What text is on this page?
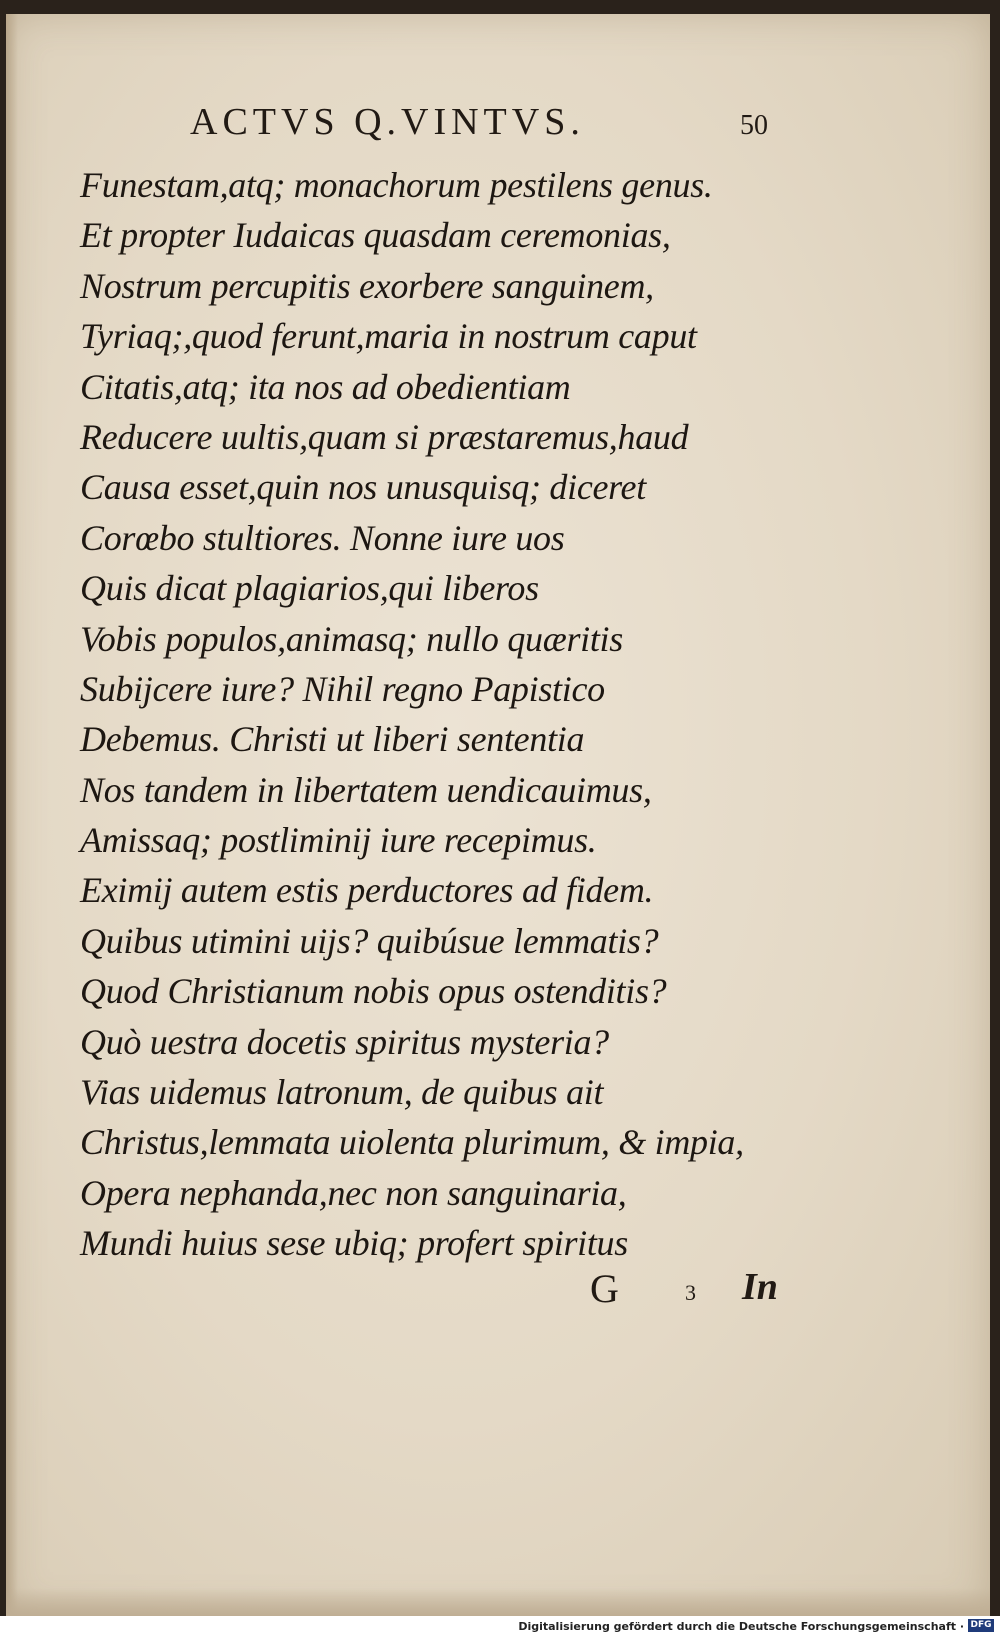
ACTVS Q.VINTVS.	50
Funestam,atq; monachorum pestilens genus.
Et propter Iudaicas quasdam ceremonias,
Nostrum percupitis exorbere sanguinem,
Tyriaq;,quod ferunt,maria in nostrum caput
Citatis,atq; ita nos ad obedientiam
Reducere uultis,quam si præstaremus,haud
Causa esset,quin nos unusquisq; diceret
Corœbo stultiores. Nonne iure uos
Quis dicat plagiarios,qui liberos
Vobis populos,animasq; nullo quæritis
Subijcere iure? Nihil regno Papistico
Debemus. Christi ut liberi sententia
Nos tandem in libertatem uendicauimus,
Amissaq; postliminij iure recepimus.
Eximij autem estis perductores ad fidem.
Quibus utimini uijs? quibúsue lemmatis?
Quod Christianum nobis opus ostenditis?
Quò uestra docetis spiritus mysteria?
Vias uidemus latronum, de quibus ait
Christus,lemmata uiolenta plurimum, & impia,
Opera nephanda,nec non sanguinaria,
Mundi huius sese ubiq; profert spiritus
G	3 In
Digitalisierung gefördert durch die Deutsche Forschungsgemeinschaft · DFG
